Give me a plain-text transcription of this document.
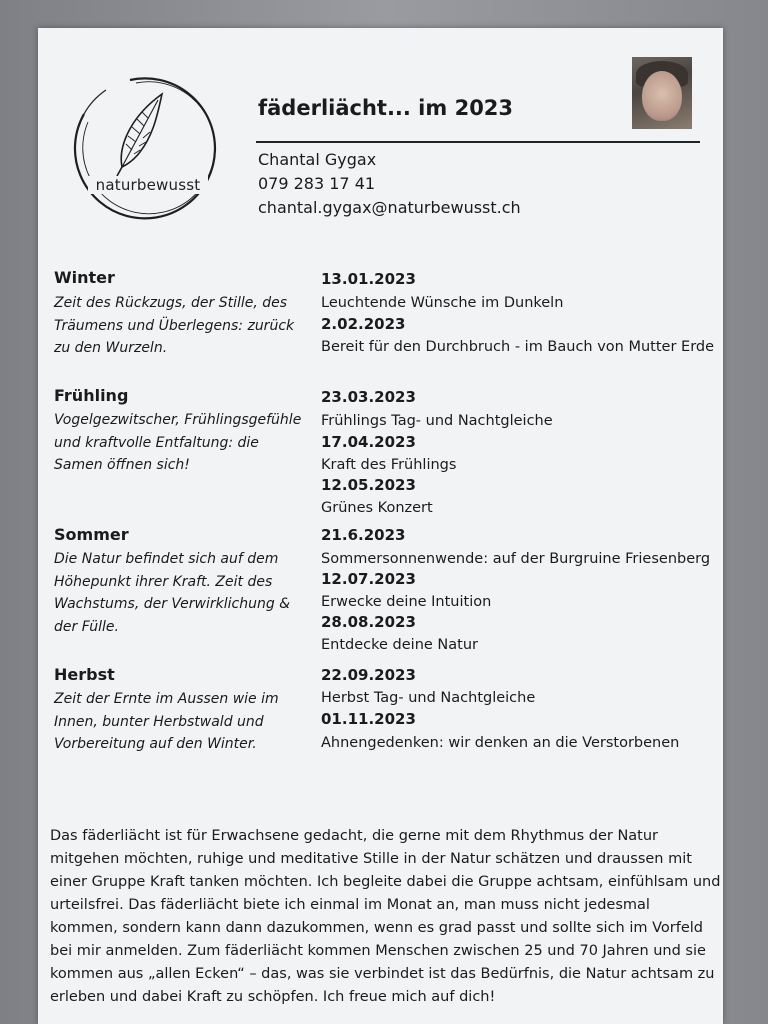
naturbewusst
fäderliächt... im 2023
Chantal Gygax
079 283 17 41
chantal.gygax@naturbewusst.ch
Winter
Zeit des Rückzugs, der Stille, des Träumens und Überlegens: zurück zu den Wurzeln.
13.01.2023
Leuchtende Wünsche im Dunkeln
2.02.2023
Bereit für den Durchbruch - im Bauch von Mutter Erde
Frühling
Vogelgezwitscher, Frühlingsgefühle und kraftvolle Entfaltung: die Samen öffnen sich!
23.03.2023
Frühlings Tag- und Nachtgleiche
17.04.2023
Kraft des Frühlings
12.05.2023
Grünes Konzert
Sommer
Die Natur befindet sich auf dem Höhepunkt ihrer Kraft. Zeit des Wachstums, der Verwirklichung & der Fülle.
21.6.2023
Sommersonnenwende: auf der Burgruine Friesenberg
12.07.2023
Erwecke deine Intuition
28.08.2023
Entdecke deine Natur
Herbst
Zeit der Ernte im Aussen wie im Innen, bunter Herbstwald und Vorbereitung auf den Winter.
22.09.2023
Herbst Tag- und Nachtgleiche
01.11.2023
Ahnengedenken: wir denken an die Verstorbenen
Das fäderliächt ist für Erwachsene gedacht, die gerne mit dem Rhythmus der Natur mitgehen möchten, ruhige und meditative Stille in der Natur schätzen und draussen mit einer Gruppe Kraft tanken möchten. Ich begleite dabei die Gruppe achtsam, einfühlsam und urteilsfrei. Das fäderliächt biete ich einmal im Monat an, man muss nicht jedesmal kommen, sondern kann dann dazukommen, wenn es grad passt und sollte sich im Vorfeld bei mir anmelden. Zum fäderliächt kommen Menschen zwischen 25 und 70 Jahren und sie kommen aus „allen Ecken“ – das, was sie verbindet ist das Bedürfnis, die Natur achtsam zu erleben und dabei Kraft zu schöpfen. Ich freue mich auf dich!
